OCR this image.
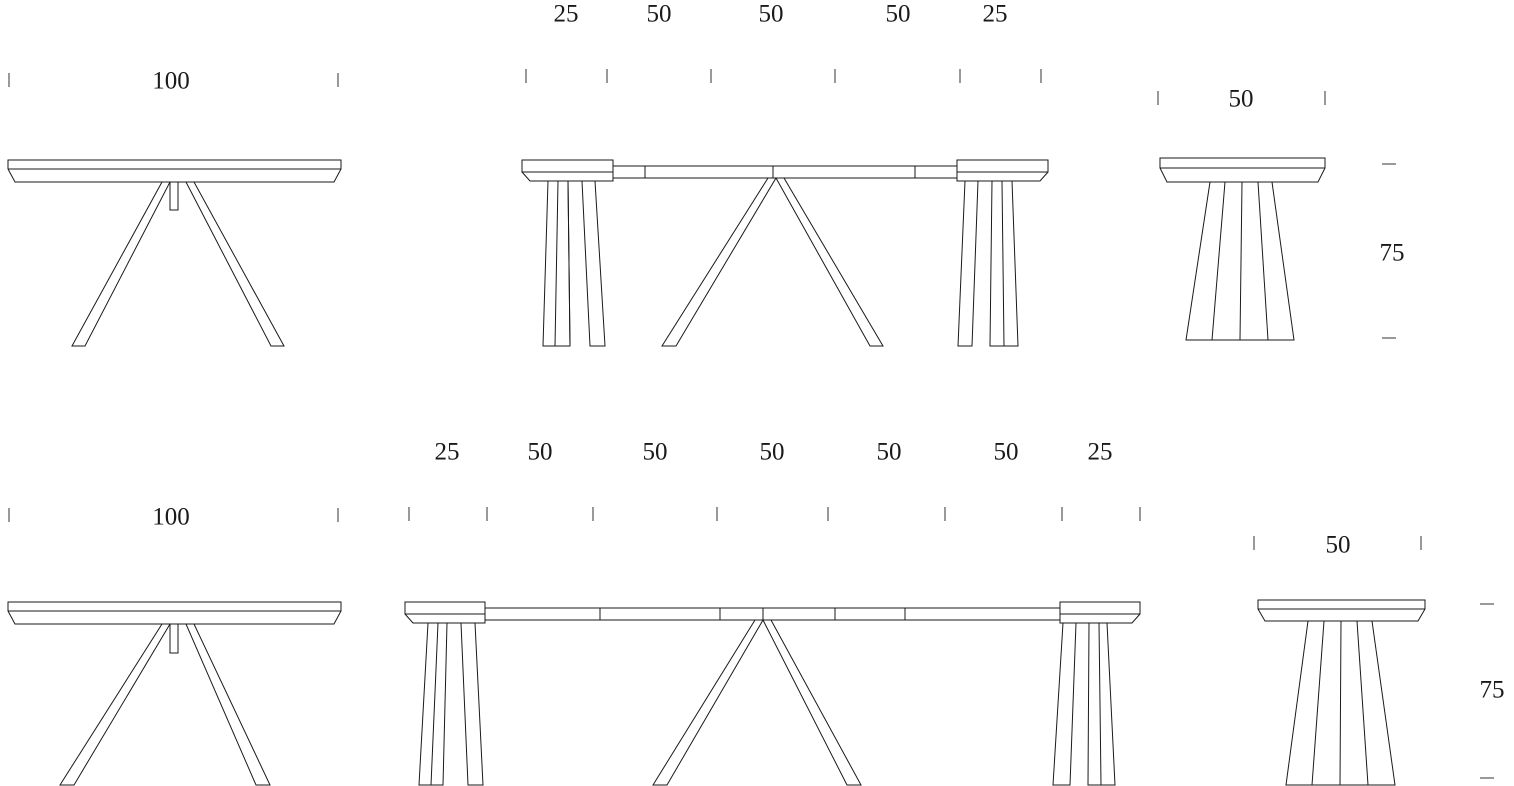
25	50	50	50	25
100
50
75
25	50	50	50	50	50	25
100
50
75
